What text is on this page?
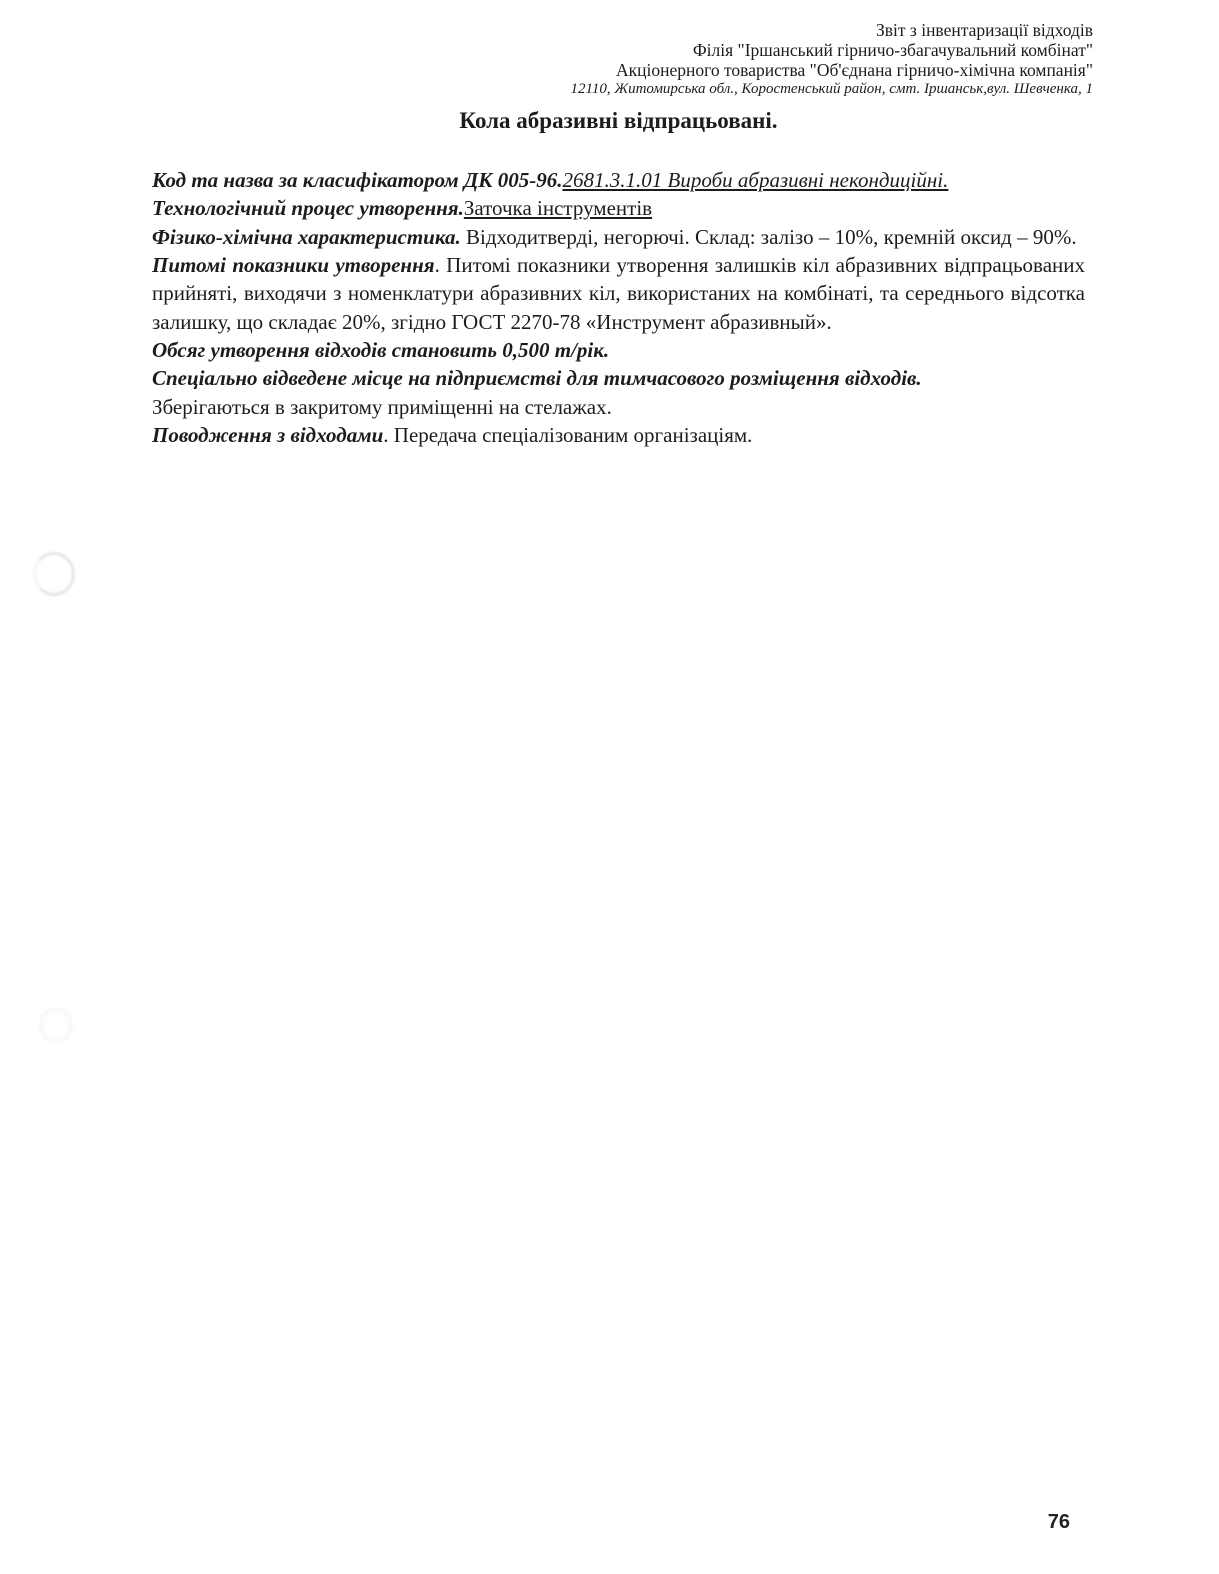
Звіт з інвентаризації відходів
Філія "Іршанський гірничо-збагачувальний комбінат"
Акціонерного товариства "Об'єднана гірничо-хімічна компанія"
12110, Житомирська обл., Коростенський район, смт. Іршанськ,вул. Шевченка, 1
Кола абразивні відпрацьовані.

Код та назва за класифікатором ДК 005-96.2681.3.1.01 Вироби абразивні некондиційні.

Технологічний процес утворення.Заточка інструментів

Фізико-хімічна характеристика. Відходитверді, негорючі. Склад: залізо – 10%, кремній оксид – 90%.

Питомі показники утворення. Питомі показники утворення залишків кіл абразивних відпрацьованих прийняті, виходячи з номенклатури абразивних кіл, використаних на комбінаті, та середнього відсотка залишку, що складає 20%, згідно ГОСТ 2270-78 «Инструмент абразивный».

Обсяг утворення відходів становить 0,500 т/рік.

Спеціально відведене місце на підприємстві для тимчасового розміщення відходів.

Зберігаються в закритому приміщенні на стелажах.

Поводження з відходами. Передача спеціалізованим організаціям.

76
